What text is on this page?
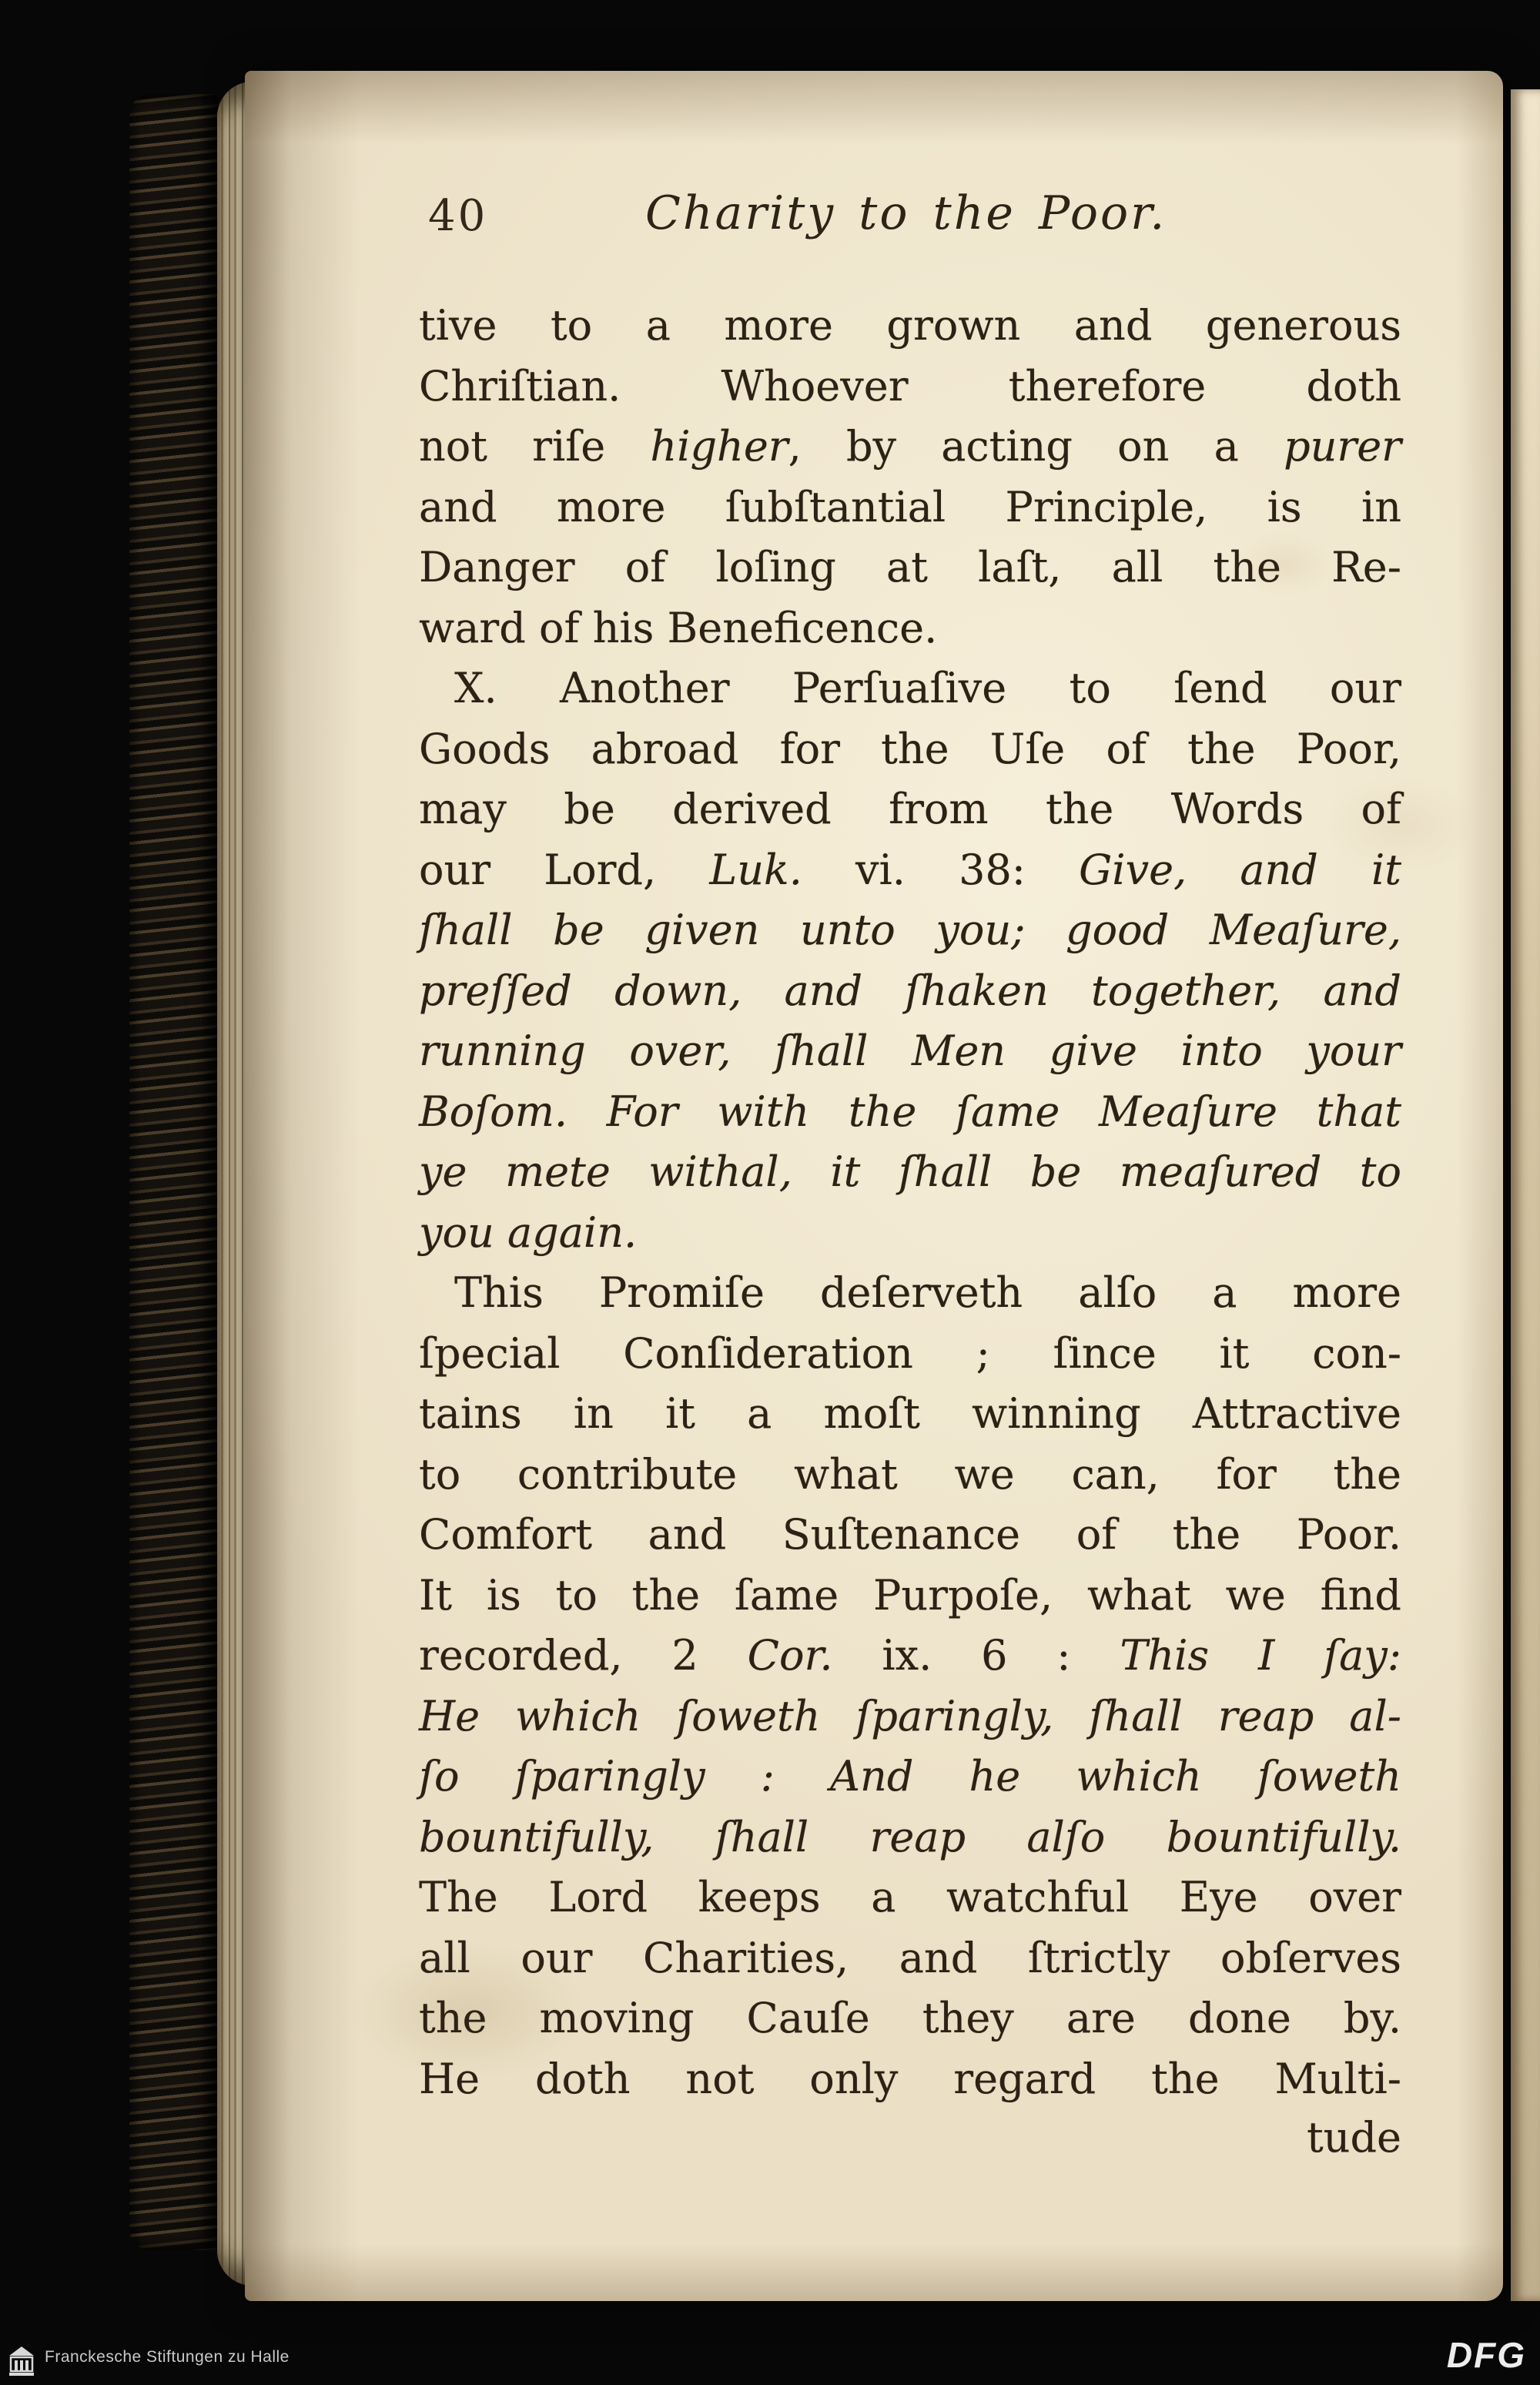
40	Charity to the Poor.
tive to a more grown and generous
Chriſtian. Whoever therefore doth
not riſe higher, by acting on a purer
and more ſubſtantial Principle, is in
Danger of loſing at laſt, all the Re-
ward of his Beneficence.
X. Another Perſuaſive to ſend our
Goods abroad for the Uſe of the Poor,
may be derived from the Words of
our Lord, Luk. vi. 38: Give, and it
ſhall be given unto you; good Meaſure,
preſſed down, and ſhaken together, and
running over, ſhall Men give into your
Boſom. For with the ſame Meaſure that
ye mete withal, it ſhall be meaſured to
you again.
This Promiſe deſerveth alſo a more
ſpecial Conſideration ; ſince it con-
tains in it a moſt winning Attractive
to contribute what we can, for the
Comfort and Suſtenance of the Poor.
It is to the ſame Purpoſe, what we find
recorded, 2 Cor. ix. 6 : This I ſay:
He which ſoweth ſparingly, ſhall reap al-
ſo ſparingly : And he which ſoweth
bountifully, ſhall reap alſo bountifully.
The Lord keeps a watchful Eye over
all our Charities, and ſtrictly obſerves
the moving Cauſe they are done by.
He doth not only regard the Multi-
tude
Franckesche Stiftungen zu Halle	DFG
